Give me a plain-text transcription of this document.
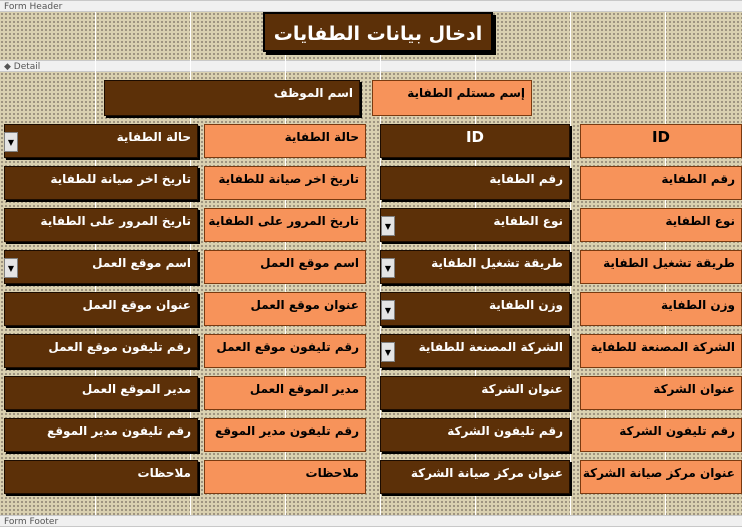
Form Header
◆ Detail
Form Footer
ادخال بيانات الطفايات
إسم مستلم الطفاية
اسم الموظف
ID
ID
رقم الطفاية
رقم الطفاية
نوع الطفاية
نوع الطفاية
▼
طريقة تشغيل الطفاية
طريقة تشغيل الطفاية
▼
وزن الطفاية
وزن الطفاية
▼
الشركة المصنعة للطفاية
الشركة المصنعة للطفاية
▼
عنوان الشركة
عنوان الشركة
رقم تليفون الشركة
رقم تليفون الشركة
عنوان مركز صيانة الشركة
عنوان مركز صيانة الشركة
حالة الطفاية
حالة الطفاية
▼
تاريخ اخر صيانة للطفاية
تاريخ اخر صيانة للطفاية
تاريخ المرور على الطفاية
تاريخ المرور على الطفاية
اسم موقع العمل
اسم موقع العمل
▼
عنوان موقع العمل
عنوان موقع العمل
رقم تليفون موقع العمل
رقم تليفون موقع العمل
مدير الموقع العمل
مدير الموقع العمل
رقم تليفون مدير الموقع
رقم تليفون مدير الموقع
ملاحظات
ملاحظات
